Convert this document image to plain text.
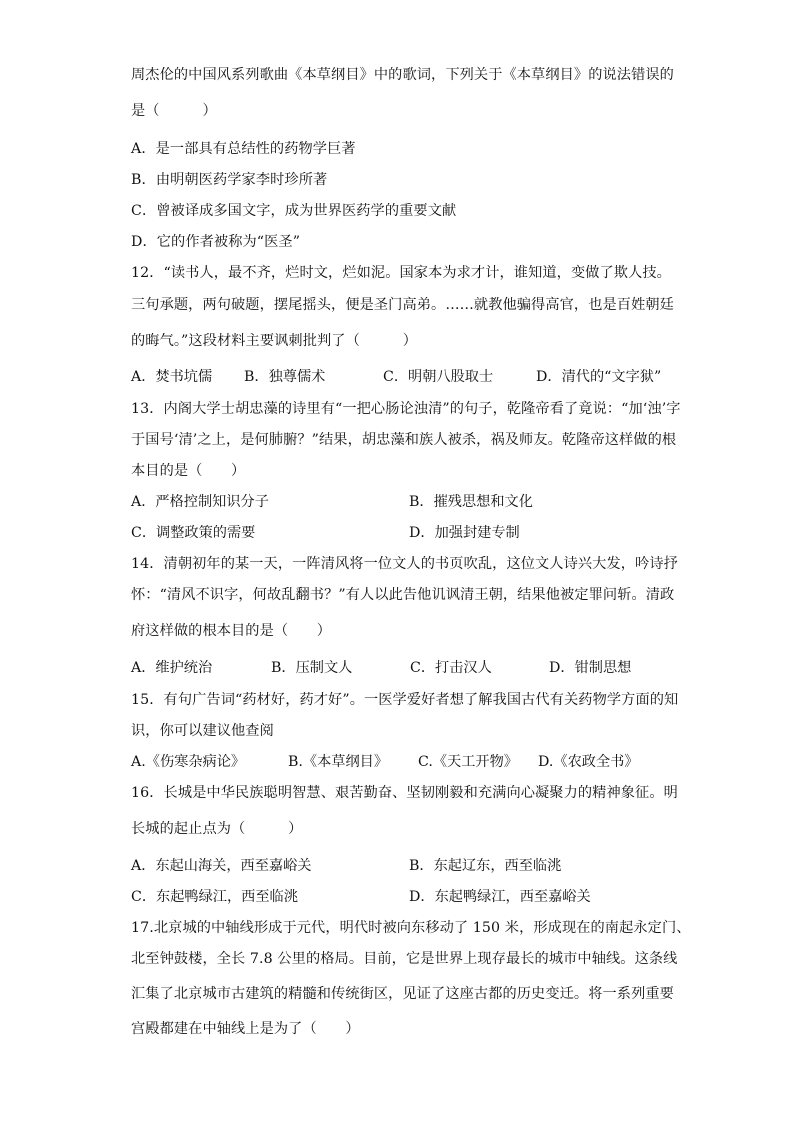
周杰伦的中国风系列歌曲《本草纲目》中的歌词，下列关于《本草纲目》的说法错误的
是（　　　）
A．是一部具有总结性的药物学巨著
B．由明朝医药学家李时珍所著
C．曾被译成多国文字，成为世界医药学的重要文献
D．它的作者被称为“医圣”
12．“读书人，最不齐，烂时文，烂如泥。国家本为求才计，谁知道，变做了欺人技。
三句承题，两句破题，摆尾摇头，便是圣门高弟。……就教他骗得高官，也是百姓朝廷
的晦气。”这段材料主要讽刺批判了（　　　）
A．焚书坑儒 B．独尊儒术	C．明朝八股取士	D．清代的“文字狱”
13．内阁大学士胡忠藻的诗里有“一把心肠论浊清”的句子，乾隆帝看了竟说：“加‘浊’字
于国号‘清’之上，是何肺腑？”结果，胡忠藻和族人被杀，祸及师友。乾隆帝这样做的根
本目的是（　　）
A．严格控制知识分子	B．摧残思想和文化
C．调整政策的需要	D．加强封建专制
14．清朝初年的某一天，一阵清风将一位文人的书页吹乱，这位文人诗兴大发，吟诗抒
怀：“清风不识字，何故乱翻书？”有人以此告他讥讽清王朝，结果他被定罪问斩。清政
府这样做的根本目的是（　　）
A．维护统治	B．压制文人	C．打击汉人	D．钳制思想
15．有句广告词“药材好，药才好”。一医学爱好者想了解我国古代有关药物学方面的知
识，你可以建议他查阅
A.《伤寒杂病论》	B.《本草纲目》 C.《天工开物》 D.《农政全书》
16．长城是中华民族聪明智慧、艰苦勤奋、坚韧刚毅和充满向心凝聚力的精神象征。明
长城的起止点为（　　　）
A．东起山海关，西至嘉峪关	B．东起辽东，西至临洮
C．东起鸭绿江，西至临洮	D．东起鸭绿江，西至嘉峪关
17.北京城的中轴线形成于元代，明代时被向东移动了 150 米，形成现在的南起永定门、
北至钟鼓楼，全长 7.8 公里的格局。目前，它是世界上现存最长的城市中轴线。这条线
汇集了北京城市古建筑的精髓和传统街区，见证了这座古都的历史变迁。将一系列重要
宫殿都建在中轴线上是为了（　　）
